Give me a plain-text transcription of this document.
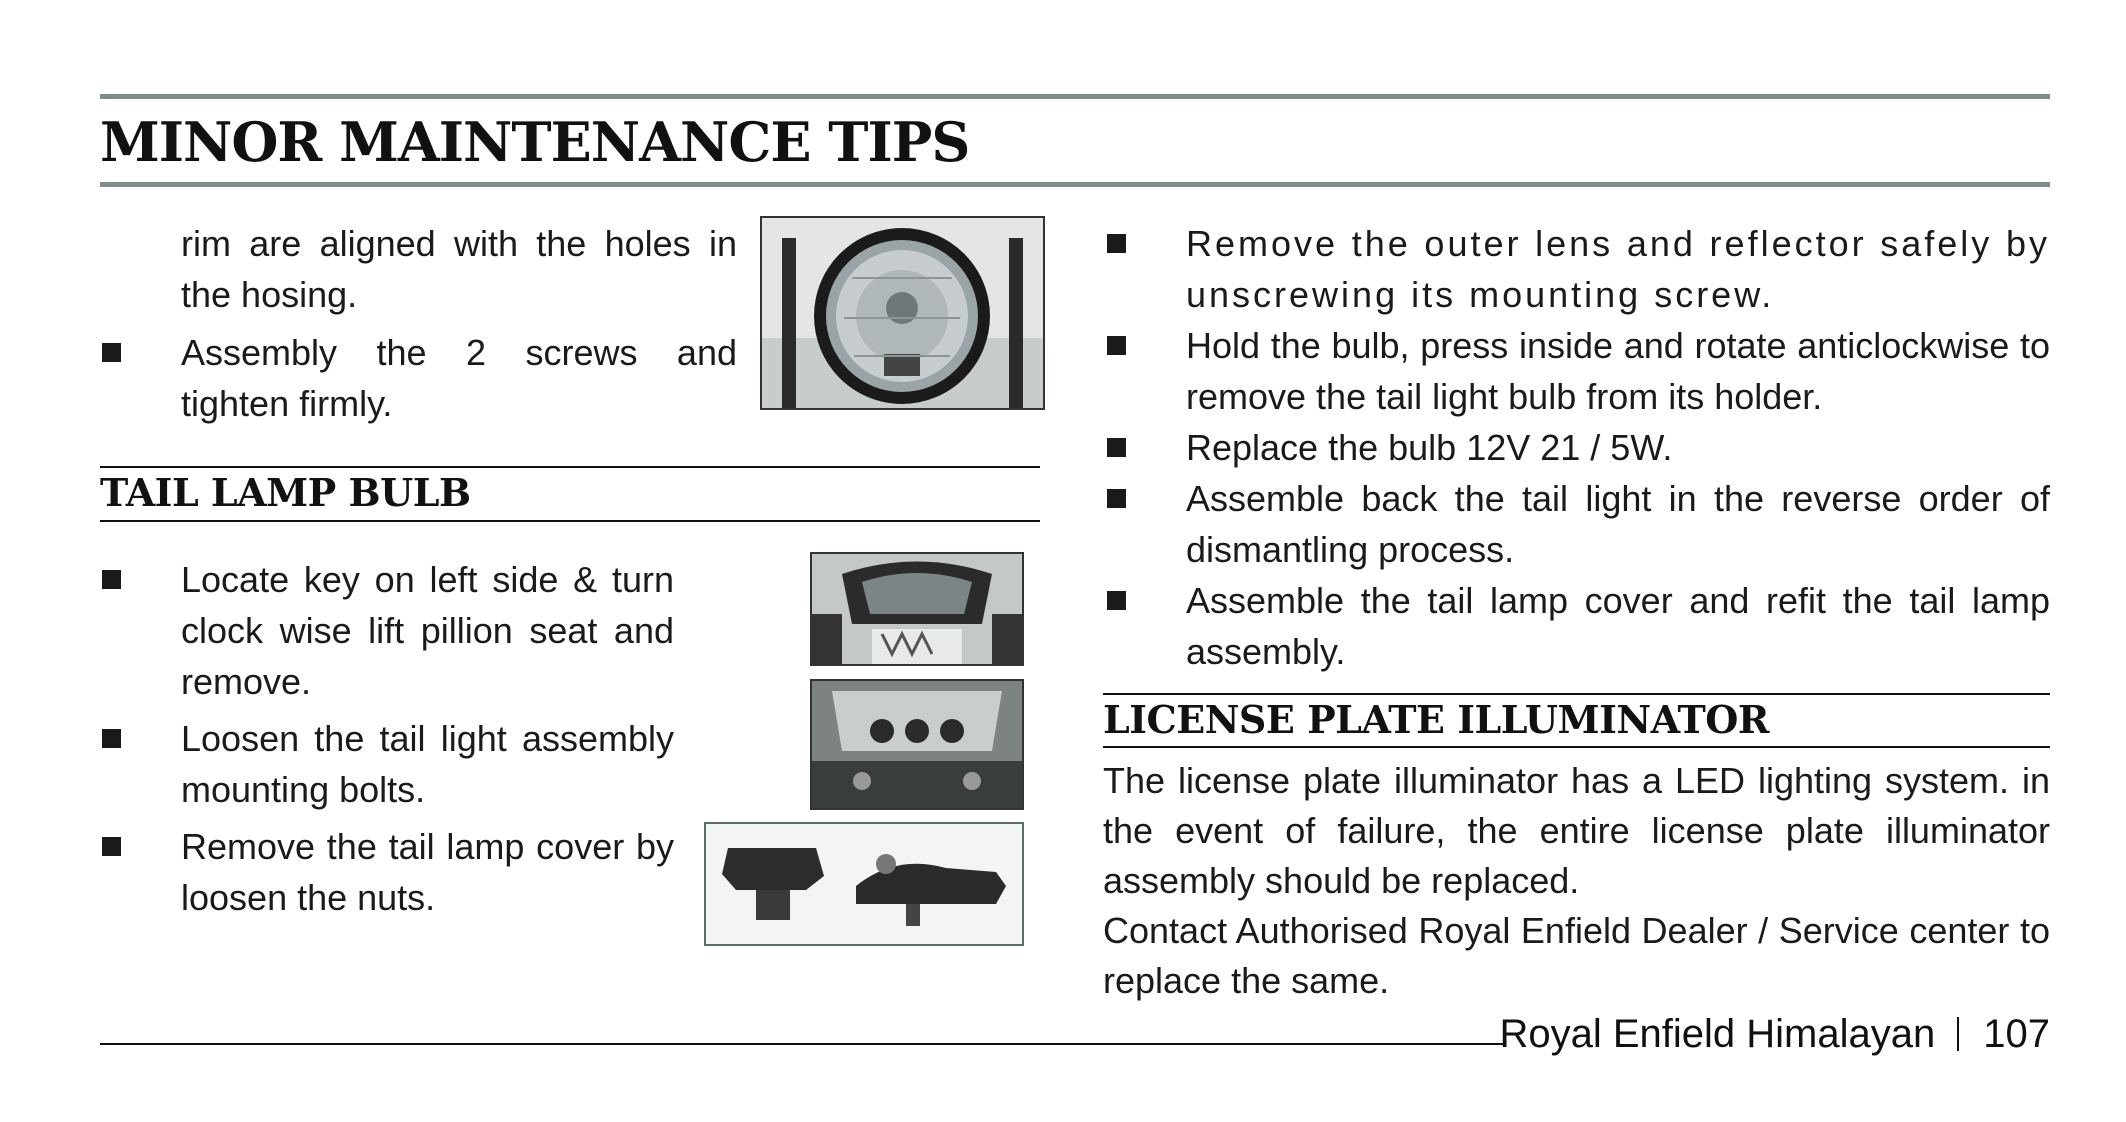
MINOR MAINTENANCE TIPS
rim are aligned with the holes in the hosing.
Assembly the 2 screws and tighten firmly.
TAIL LAMP BULB
Locate key on left side & turn clock wise lift pillion seat and remove.
Loosen the tail light assembly mounting bolts.
Remove the tail lamp cover by loosen the nuts.
Remove the outer lens and reflector safely by unscrewing its mounting screw.
Hold the bulb, press inside and rotate anticlockwise to remove the tail light bulb from its holder.
Replace the bulb 12V 21 / 5W.
Assemble back the tail light in the reverse order of dismantling process.
Assemble the tail lamp cover and refit the tail lamp assembly.
LICENSE PLATE ILLUMINATOR
The license plate illuminator has a LED lighting system. in the event of failure, the entire license plate illuminator assembly should be replaced.
Contact Authorised Royal Enfield Dealer / Service center to replace the same.
Royal Enfield Himalayan 107
